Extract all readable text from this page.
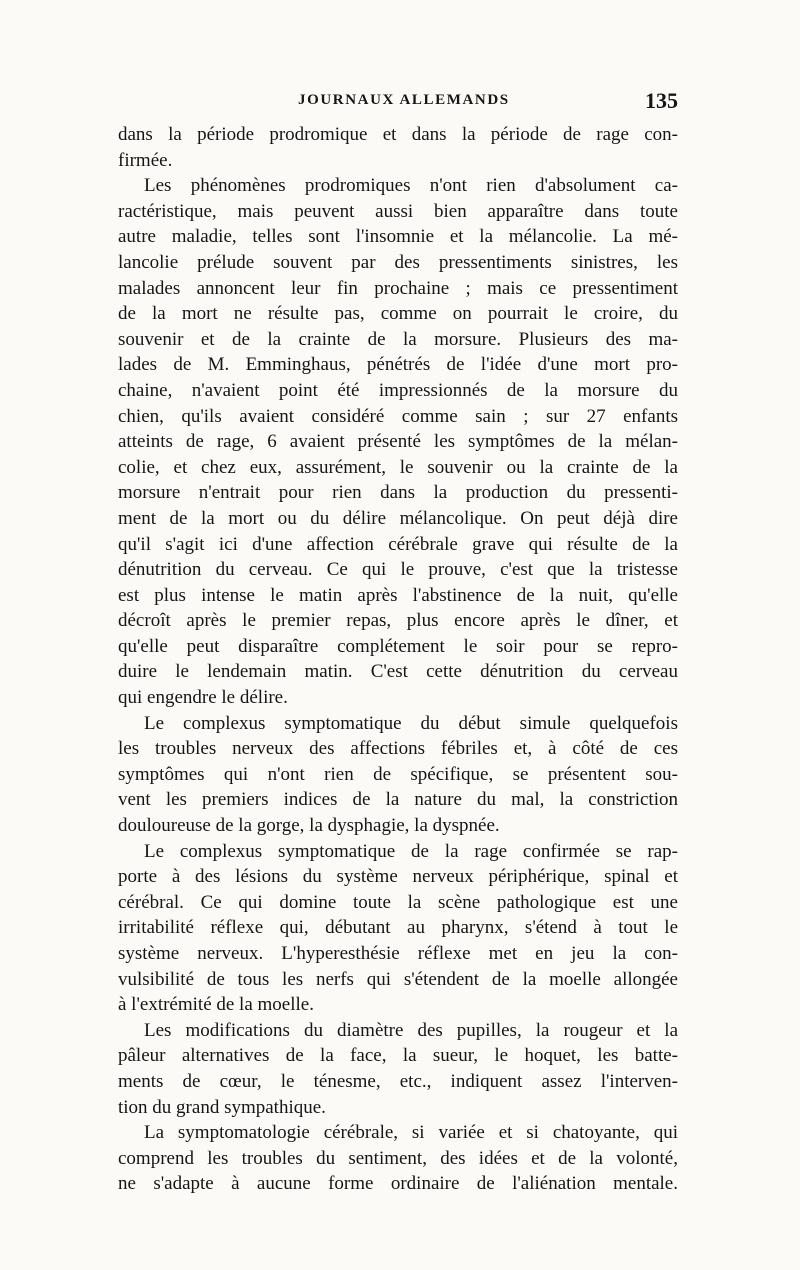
JOURNAUX ALLEMANDS	135
dans la période prodromique et dans la période de rage con-
firmée.
Les phénomènes prodromiques n'ont rien d'absolument ca-
ractéristique, mais peuvent aussi bien apparaître dans toute
autre maladie, telles sont l'insomnie et la mélancolie. La mé-
lancolie prélude souvent par des pressentiments sinistres, les
malades annoncent leur fin prochaine ; mais ce pressentiment
de la mort ne résulte pas, comme on pourrait le croire, du
souvenir et de la crainte de la morsure. Plusieurs des ma-
lades de M. Emminghaus, pénétrés de l'idée d'une mort pro-
chaine, n'avaient point été impressionnés de la morsure du
chien, qu'ils avaient considéré comme sain ; sur 27 enfants
atteints de rage, 6 avaient présenté les symptômes de la mélan-
colie, et chez eux, assurément, le souvenir ou la crainte de la
morsure n'entrait pour rien dans la production du pressenti-
ment de la mort ou du délire mélancolique. On peut déjà dire
qu'il s'agit ici d'une affection cérébrale grave qui résulte de la
dénutrition du cerveau. Ce qui le prouve, c'est que la tristesse
est plus intense le matin après l'abstinence de la nuit, qu'elle
décroît après le premier repas, plus encore après le dîner, et
qu'elle peut disparaître complétement le soir pour se repro-
duire le lendemain matin. C'est cette dénutrition du cerveau
qui engendre le délire.
Le complexus symptomatique du début simule quelquefois
les troubles nerveux des affections fébriles et, à côté de ces
symptômes qui n'ont rien de spécifique, se présentent sou-
vent les premiers indices de la nature du mal, la constriction
douloureuse de la gorge, la dysphagie, la dyspnée.
Le complexus symptomatique de la rage confirmée se rap-
porte à des lésions du système nerveux périphérique, spinal et
cérébral. Ce qui domine toute la scène pathologique est une
irritabilité réflexe qui, débutant au pharynx, s'étend à tout le
système nerveux. L'hyperesthésie réflexe met en jeu la con-
vulsibilité de tous les nerfs qui s'étendent de la moelle allongée
à l'extrémité de la moelle.
Les modifications du diamètre des pupilles, la rougeur et la
pâleur alternatives de la face, la sueur, le hoquet, les batte-
ments de cœur, le ténesme, etc., indiquent assez l'interven-
tion du grand sympathique.
La symptomatologie cérébrale, si variée et si chatoyante, qui
comprend les troubles du sentiment, des idées et de la volonté,
ne s'adapte à aucune forme ordinaire de l'aliénation mentale.
